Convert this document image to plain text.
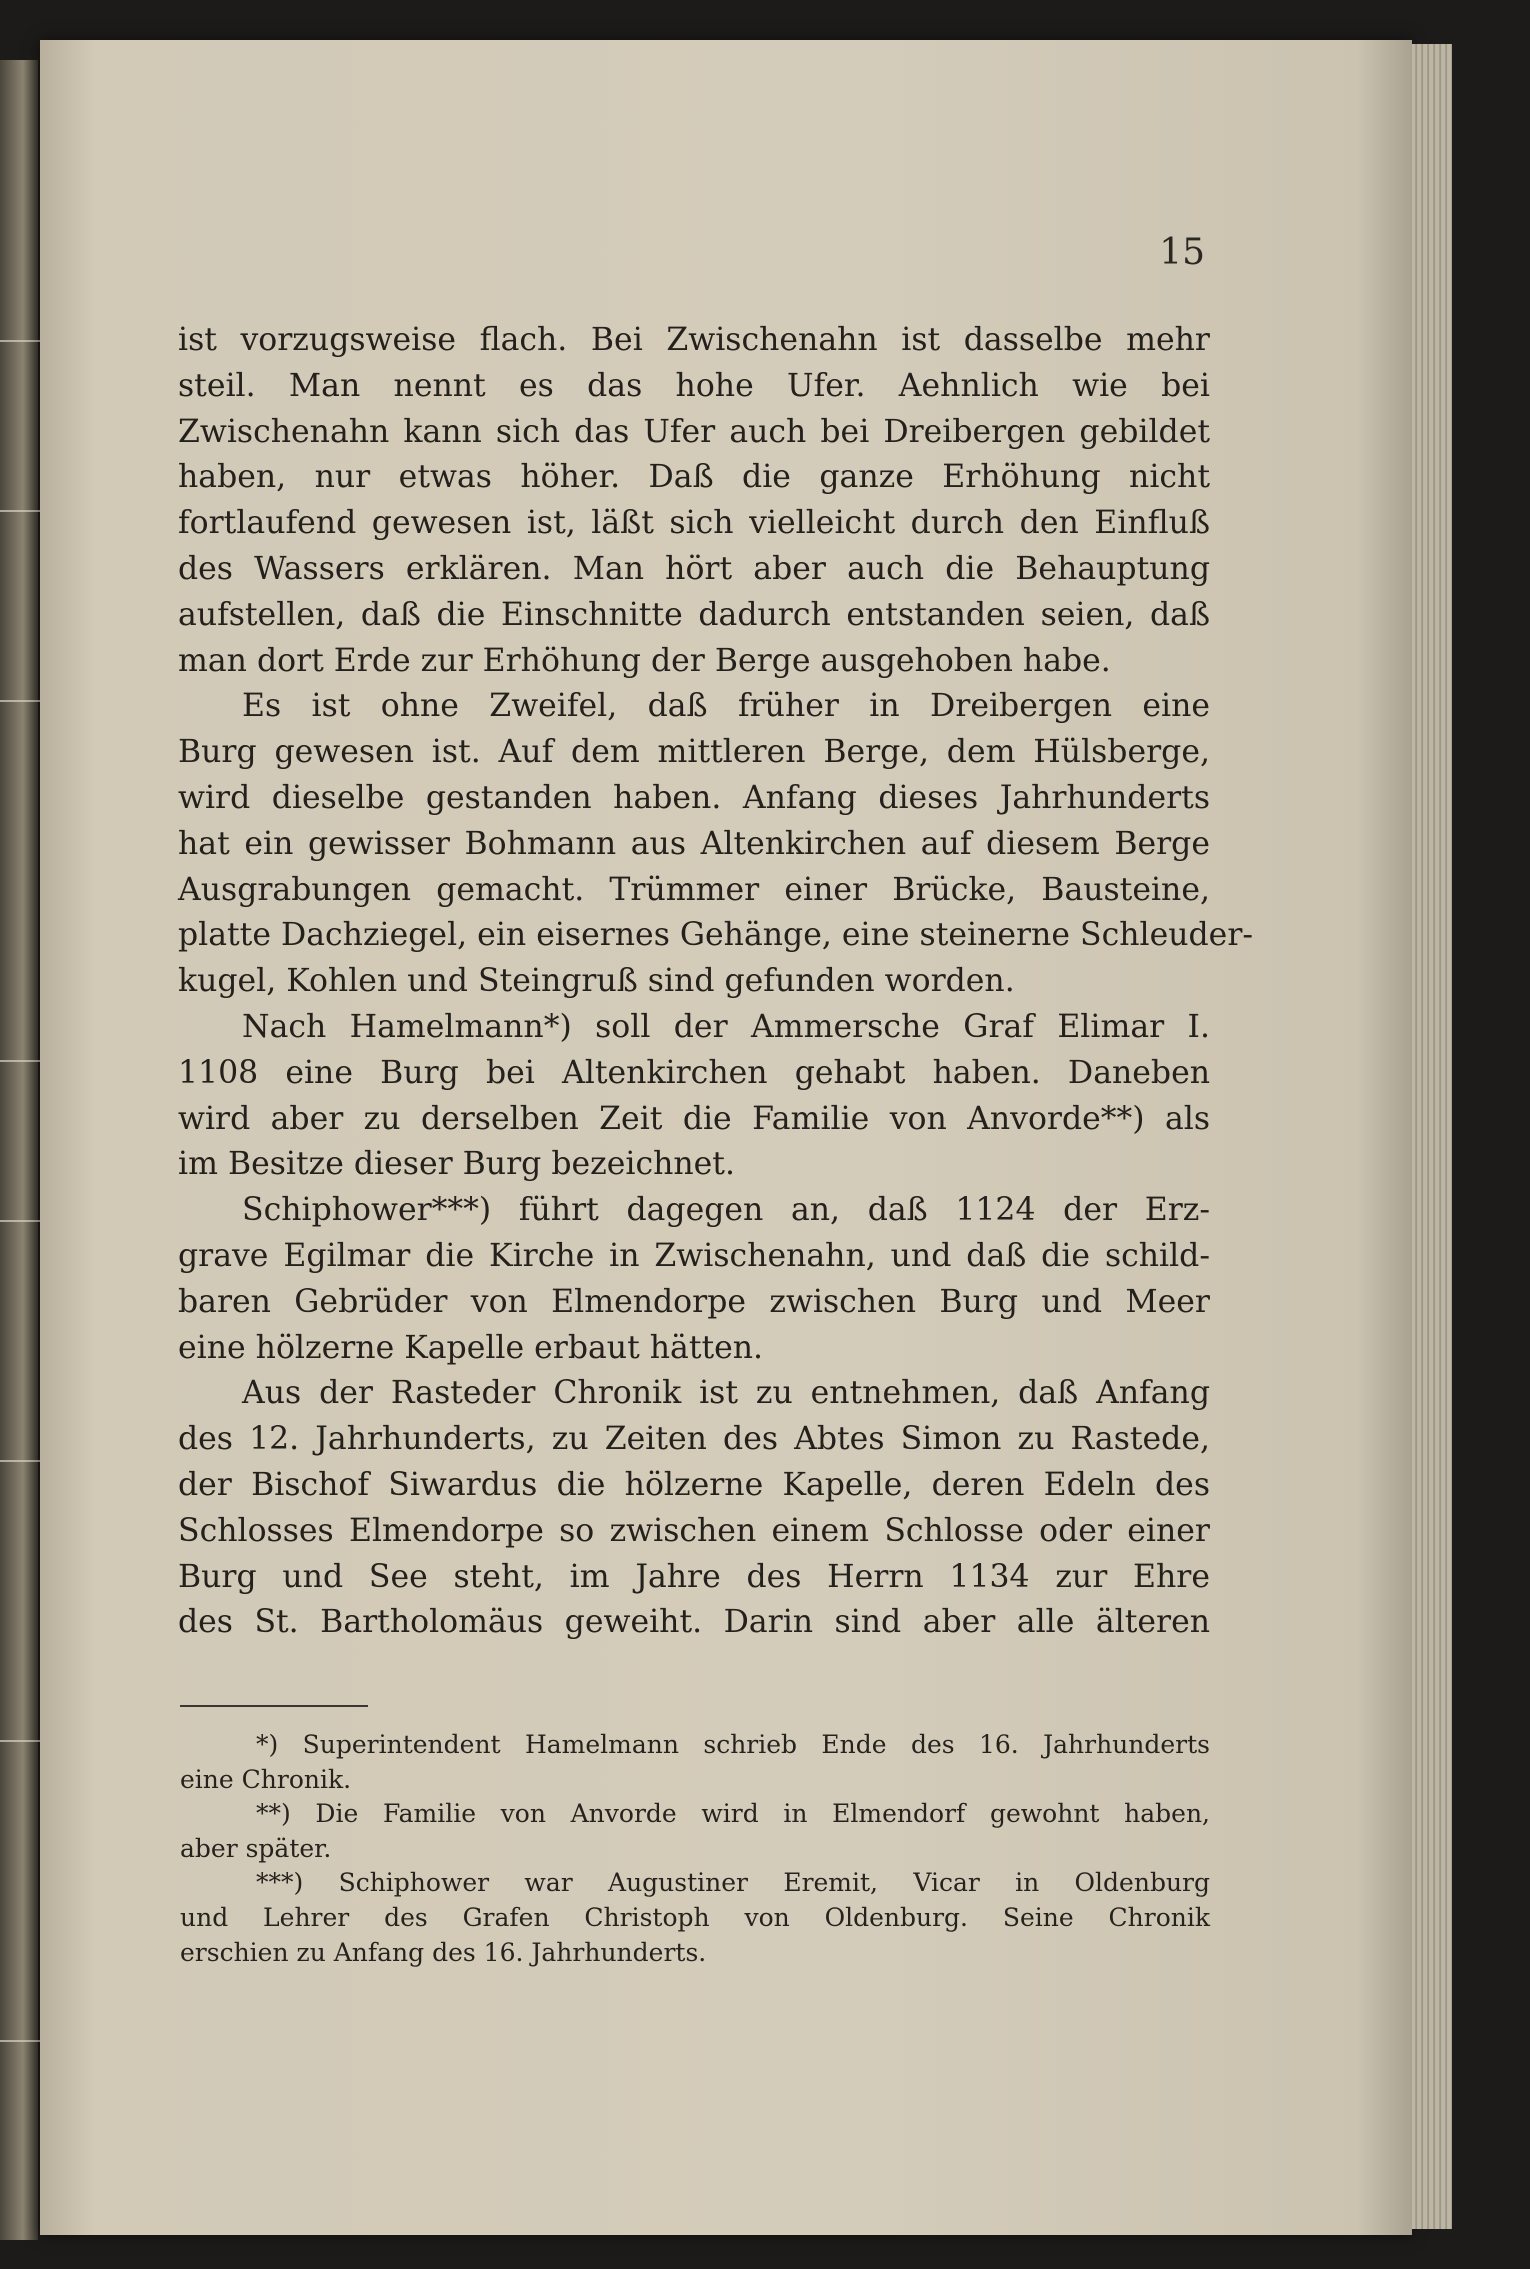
15
ist vorzugsweise flach. Bei Zwischenahn ist dasselbe mehr
steil. Man nennt es das hohe Ufer. Aehnlich wie bei
Zwischenahn kann sich das Ufer auch bei Dreibergen gebildet
haben, nur etwas höher. Daß die ganze Erhöhung nicht
fortlaufend gewesen ist, läßt sich vielleicht durch den Einfluß
des Wassers erklären. Man hört aber auch die Behauptung
aufstellen, daß die Einschnitte dadurch entstanden seien, daß
man dort Erde zur Erhöhung der Berge ausgehoben habe.
Es ist ohne Zweifel, daß früher in Dreibergen eine
Burg gewesen ist. Auf dem mittleren Berge, dem Hülsberge,
wird dieselbe gestanden haben. Anfang dieses Jahrhunderts
hat ein gewisser Bohmann aus Altenkirchen auf diesem Berge
Ausgrabungen gemacht. Trümmer einer Brücke, Bausteine,
platte Dachziegel, ein eisernes Gehänge, eine steinerne Schleuder-
kugel, Kohlen und Steingruß sind gefunden worden.
Nach Hamelmann*) soll der Ammersche Graf Elimar I.
1108 eine Burg bei Altenkirchen gehabt haben. Daneben
wird aber zu derselben Zeit die Familie von Anvorde**) als
im Besitze dieser Burg bezeichnet.
Schiphower***) führt dagegen an, daß 1124 der Erz-
grave Egilmar die Kirche in Zwischenahn, und daß die schild-
baren Gebrüder von Elmendorpe zwischen Burg und Meer
eine hölzerne Kapelle erbaut hätten.
Aus der Rasteder Chronik ist zu entnehmen, daß Anfang
des 12. Jahrhunderts, zu Zeiten des Abtes Simon zu Rastede,
der Bischof Siwardus die hölzerne Kapelle, deren Edeln des
Schlosses Elmendorpe so zwischen einem Schlosse oder einer
Burg und See steht, im Jahre des Herrn 1134 zur Ehre
des St. Bartholomäus geweiht. Darin sind aber alle älteren
*) Superintendent Hamelmann schrieb Ende des 16. Jahrhunderts
eine Chronik.
**) Die Familie von Anvorde wird in Elmendorf gewohnt haben,
aber später.
***) Schiphower war Augustiner Eremit, Vicar in Oldenburg
und Lehrer des Grafen Christoph von Oldenburg. Seine Chronik
erschien zu Anfang des 16. Jahrhunderts.
